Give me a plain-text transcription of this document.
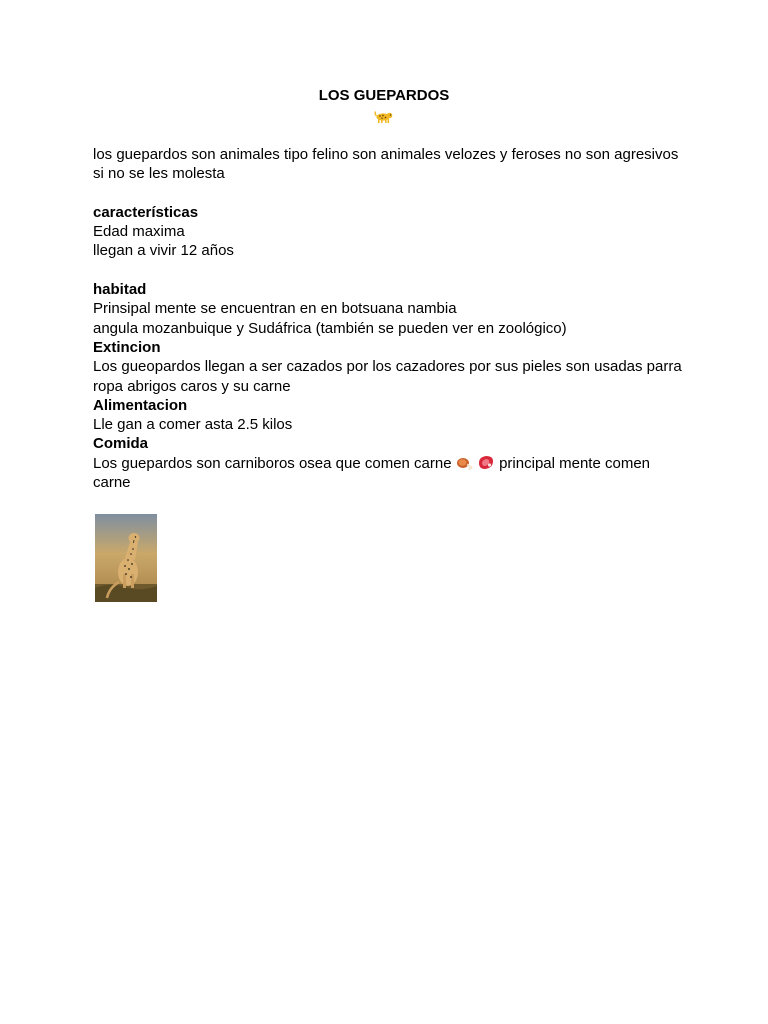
LOS GUEPARDOS

los guepardos son animales tipo felino son animales velozes y feroses no son agresivos si no se les molesta

características

Edad maxima

llegan a vivir 12 años

habitad

Prinsipal mente se encuentran en en botsuana nambia

angula mozanbuique y Sudáfrica (también se pueden ver en zoológico)

Extincion

Los gueopardos llegan a ser cazados por los cazadores por sus pieles son usadas parra ropa abrigos caros y su carne

Alimentacion

Lle gan a comer asta 2.5 kilos

Comida

Los guepardos son carniboros osea que comen carne	principal mente comen carne
